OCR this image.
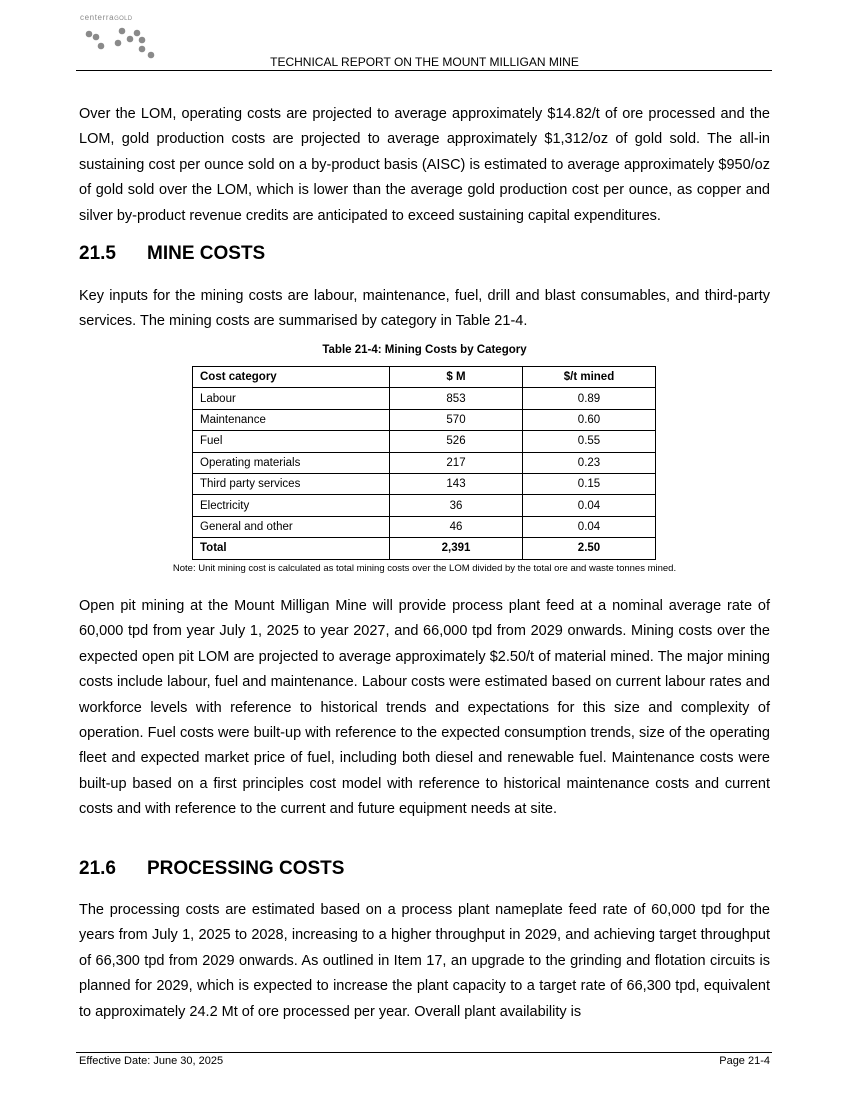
centerraGOLD
TECHNICAL REPORT ON THE MOUNT MILLIGAN MINE

Over the LOM, operating costs are projected to average approximately $14.82/t of ore processed and the LOM, gold production costs are projected to average approximately $1,312/oz of gold sold. The all-in sustaining cost per ounce sold on a by-product basis (AISC) is estimated to average approximately $950/oz of gold sold over the LOM, which is lower than the average gold production cost per ounce, as copper and silver by-product revenue credits are anticipated to exceed sustaining capital expenditures.

21.5 MINE COSTS

Key inputs for the mining costs are labour, maintenance, fuel, drill and blast consumables, and third-party services. The mining costs are summarised by category in Table 21-4.

Table 21-4: Mining Costs by Category
Cost category	$ M	$/t mined
Labour	853	0.89
Maintenance	570	0.60
Fuel	526	0.55
Operating materials	217	0.23
Third party services	143	0.15
Electricity	36	0.04
General and other	46	0.04
Total	2,391	2.50
Note: Unit mining cost is calculated as total mining costs over the LOM divided by the total ore and waste tonnes mined.

Open pit mining at the Mount Milligan Mine will provide process plant feed at a nominal average rate of 60,000 tpd from year July 1, 2025 to year 2027, and 66,000 tpd from 2029 onwards. Mining costs over the expected open pit LOM are projected to average approximately $2.50/t of material mined. The major mining costs include labour, fuel and maintenance. Labour costs were estimated based on current labour rates and workforce levels with reference to historical trends and expectations for this size and complexity of operation. Fuel costs were built-up with reference to the expected consumption trends, size of the operating fleet and expected market price of fuel, including both diesel and renewable fuel. Maintenance costs were built-up based on a first principles cost model with reference to historical maintenance costs and current costs and with reference to the current and future equipment needs at site.

21.6 PROCESSING COSTS

The processing costs are estimated based on a process plant nameplate feed rate of 60,000 tpd for the years from July 1, 2025 to 2028, increasing to a higher throughput in 2029, and achieving target throughput of 66,300 tpd from 2029 onwards. As outlined in Item 17, an upgrade to the grinding and flotation circuits is planned for 2029, which is expected to increase the plant capacity to a target rate of 66,300 tpd, equivalent to approximately 24.2 Mt of ore processed per year. Overall plant availability is

Effective Date: June 30, 2025	Page 21-4
